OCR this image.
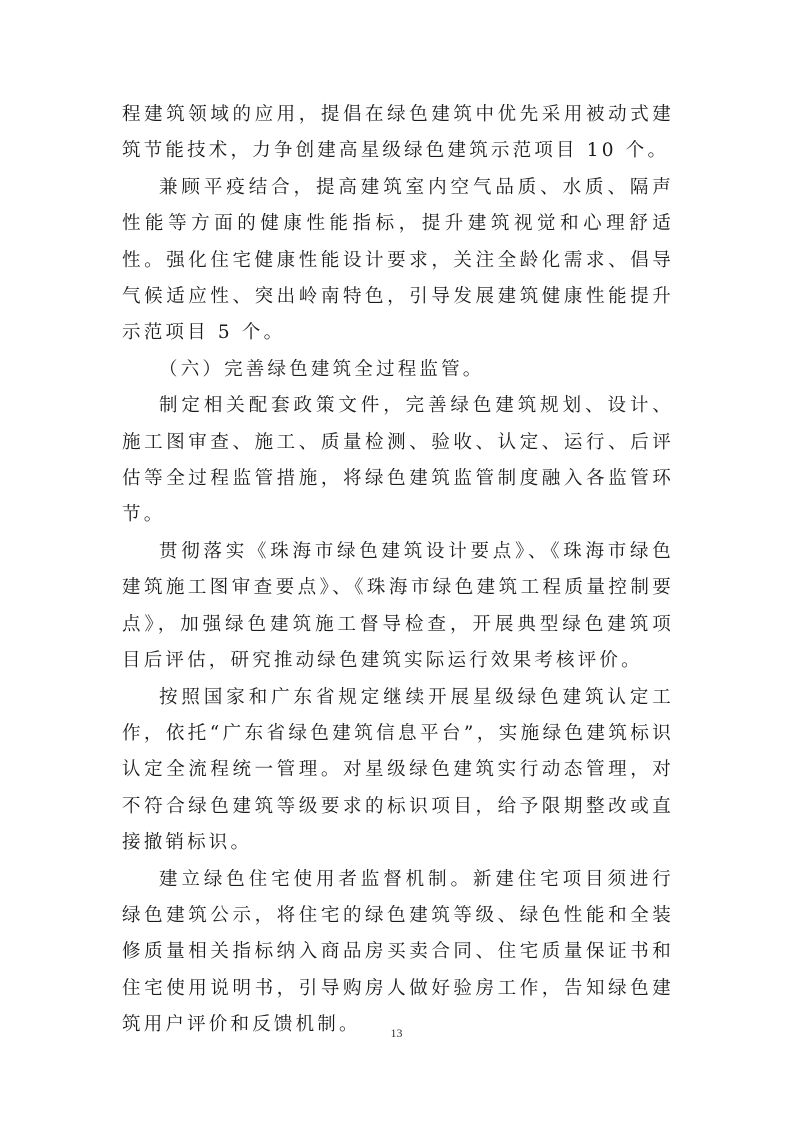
程建筑领域的应用，提倡在绿色建筑中优先采用被动式建筑节能技术，力争创建高星级绿色建筑示范项目 10 个。

兼顾平疫结合，提高建筑室内空气品质、水质、隔声性能等方面的健康性能指标，提升建筑视觉和心理舒适性。强化住宅健康性能设计要求，关注全龄化需求、倡导气候适应性、突出岭南特色，引导发展建筑健康性能提升示范项目 5 个。

（六）完善绿色建筑全过程监管。

制定相关配套政策文件，完善绿色建筑规划、设计、施工图审查、施工、质量检测、验收、认定、运行、后评估等全过程监管措施，将绿色建筑监管制度融入各监管环节。

贯彻落实《珠海市绿色建筑设计要点》、《珠海市绿色建筑施工图审查要点》、《珠海市绿色建筑工程质量控制要点》，加强绿色建筑施工督导检查，开展典型绿色建筑项目后评估，研究推动绿色建筑实际运行效果考核评价。

按照国家和广东省规定继续开展星级绿色建筑认定工作，依托“广东省绿色建筑信息平台”，实施绿色建筑标识认定全流程统一管理。对星级绿色建筑实行动态管理，对不符合绿色建筑等级要求的标识项目，给予限期整改或直接撤销标识。

建立绿色住宅使用者监督机制。新建住宅项目须进行绿色建筑公示，将住宅的绿色建筑等级、绿色性能和全装修质量相关指标纳入商品房买卖合同、住宅质量保证书和住宅使用说明书，引导购房人做好验房工作，告知绿色建筑用户评价和反馈机制。	13
